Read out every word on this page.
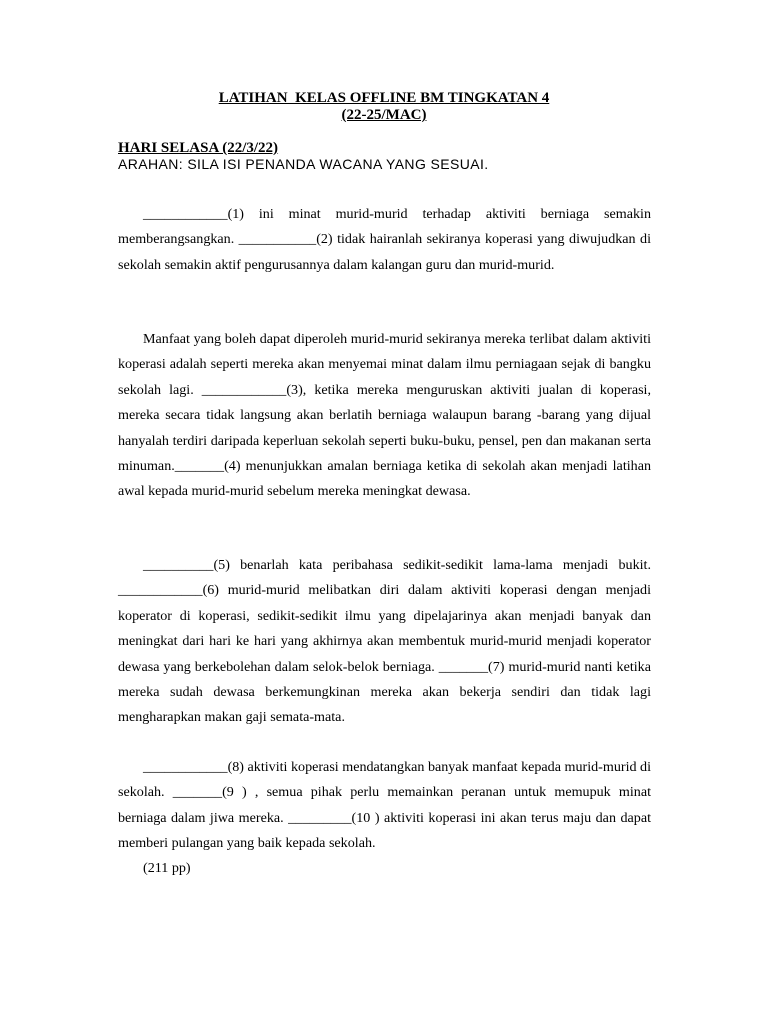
LATIHAN  KELAS OFFLINE BM TINGKATAN 4
(22-25/MAC)
HARI SELASA (22/3/22)
ARAHAN: SILA ISI PENANDA WACANA YANG SESUAI.

____________(1) ini minat murid-murid terhadap aktiviti berniaga semakin memberangsangkan. ___________(2) tidak hairanlah sekiranya koperasi yang diwujudkan di sekolah semakin aktif pengurusannya dalam kalangan guru dan murid-murid.

Manfaat yang boleh dapat diperoleh murid-murid sekiranya mereka terlibat dalam aktiviti koperasi adalah seperti mereka akan menyemai minat dalam ilmu perniagaan sejak di bangku sekolah lagi. ____________(3), ketika mereka menguruskan aktiviti jualan di koperasi, mereka secara tidak langsung akan berlatih berniaga walaupun barang -barang yang dijual hanyalah terdiri daripada keperluan sekolah seperti buku-buku, pensel, pen dan makanan serta minuman._______(4) menunjukkan amalan berniaga ketika di sekolah akan menjadi latihan awal kepada murid-murid sebelum mereka meningkat dewasa.

__________(5) benarlah kata peribahasa sedikit-sedikit lama-lama menjadi bukit. ____________(6) murid-murid melibatkan diri dalam aktiviti koperasi dengan menjadi koperator di koperasi, sedikit-sedikit ilmu yang dipelajarinya akan menjadi banyak dan meningkat dari hari ke hari yang akhirnya akan membentuk murid-murid menjadi koperator dewasa yang berkebolehan dalam selok-belok berniaga. _______(7) murid-murid nanti ketika mereka sudah dewasa berkemungkinan mereka akan bekerja sendiri dan tidak lagi mengharapkan makan gaji semata-mata.

____________(8) aktiviti koperasi mendatangkan banyak manfaat kepada murid-murid di sekolah. _______(9 ) , semua pihak perlu memainkan peranan untuk memupuk minat berniaga dalam jiwa mereka. _________(10 ) aktiviti koperasi ini akan terus maju dan dapat memberi pulangan yang baik kepada sekolah.

(211 pp)
